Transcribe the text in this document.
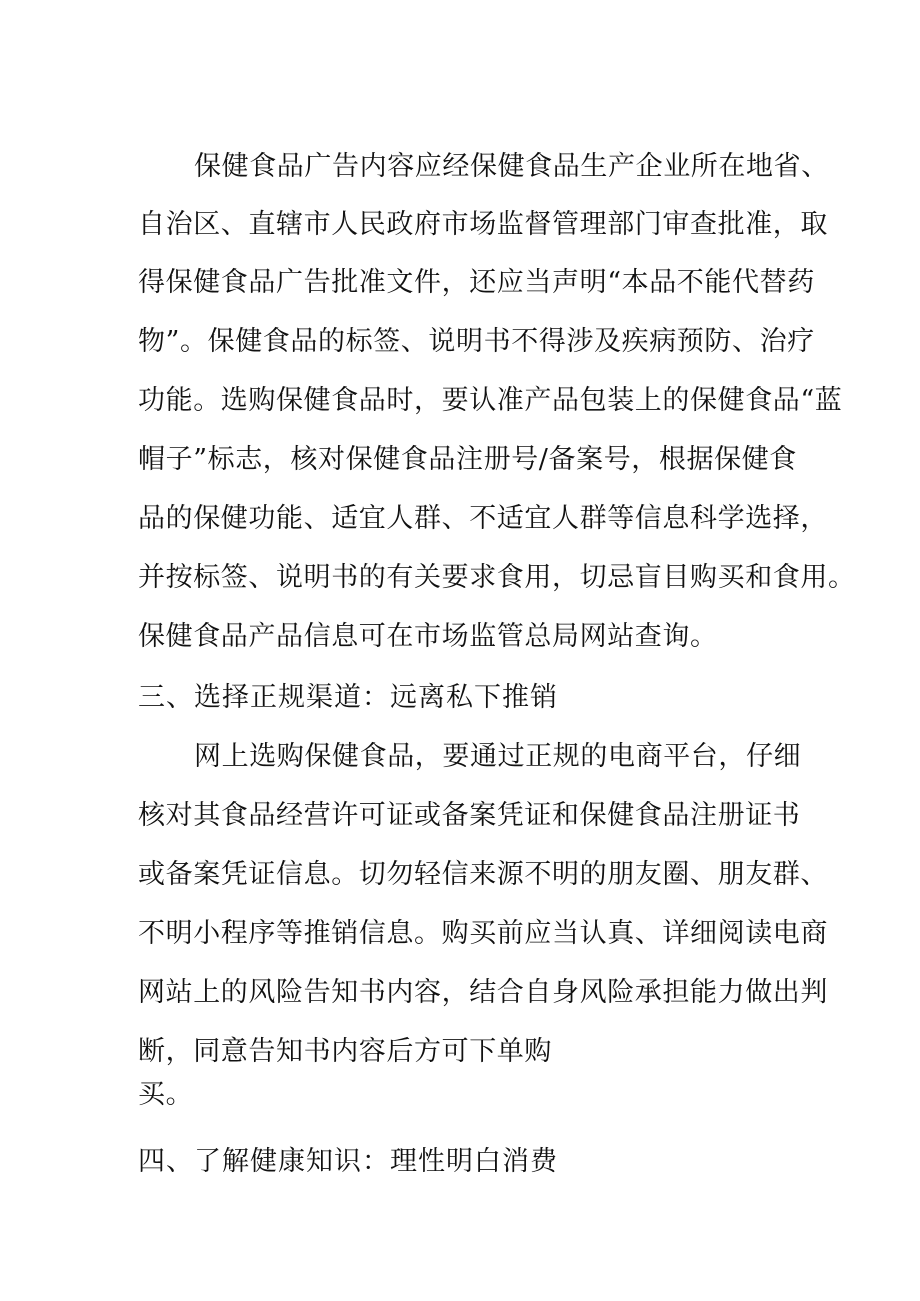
保健食品广告内容应经保健食品生产企业所在地省、
自治区、直辖市人民政府市场监督管理部门审查批准，取
得保健食品广告批准文件，还应当声明“本品不能代替药
物”。保健食品的标签、说明书不得涉及疾病预防、治疗
功能。选购保健食品时，要认准产品包装上的保健食品“蓝
帽子”标志，核对保健食品注册号/备案号，根据保健食
品的保健功能、适宜人群、不适宜人群等信息科学选择，
并按标签、说明书的有关要求食用，切忌盲目购买和食用。
保健食品产品信息可在市场监管总局网站查询。
三、选择正规渠道：远离私下推销
网上选购保健食品，要通过正规的电商平台，仔细
核对其食品经营许可证或备案凭证和保健食品注册证书
或备案凭证信息。切勿轻信来源不明的朋友圈、朋友群、
不明小程序等推销信息。购买前应当认真、详细阅读电商
网站上的风险告知书内容，结合自身风险承担能力做出判
断，同意告知书内容后方可下单购
买。
四、了解健康知识：理性明白消费
